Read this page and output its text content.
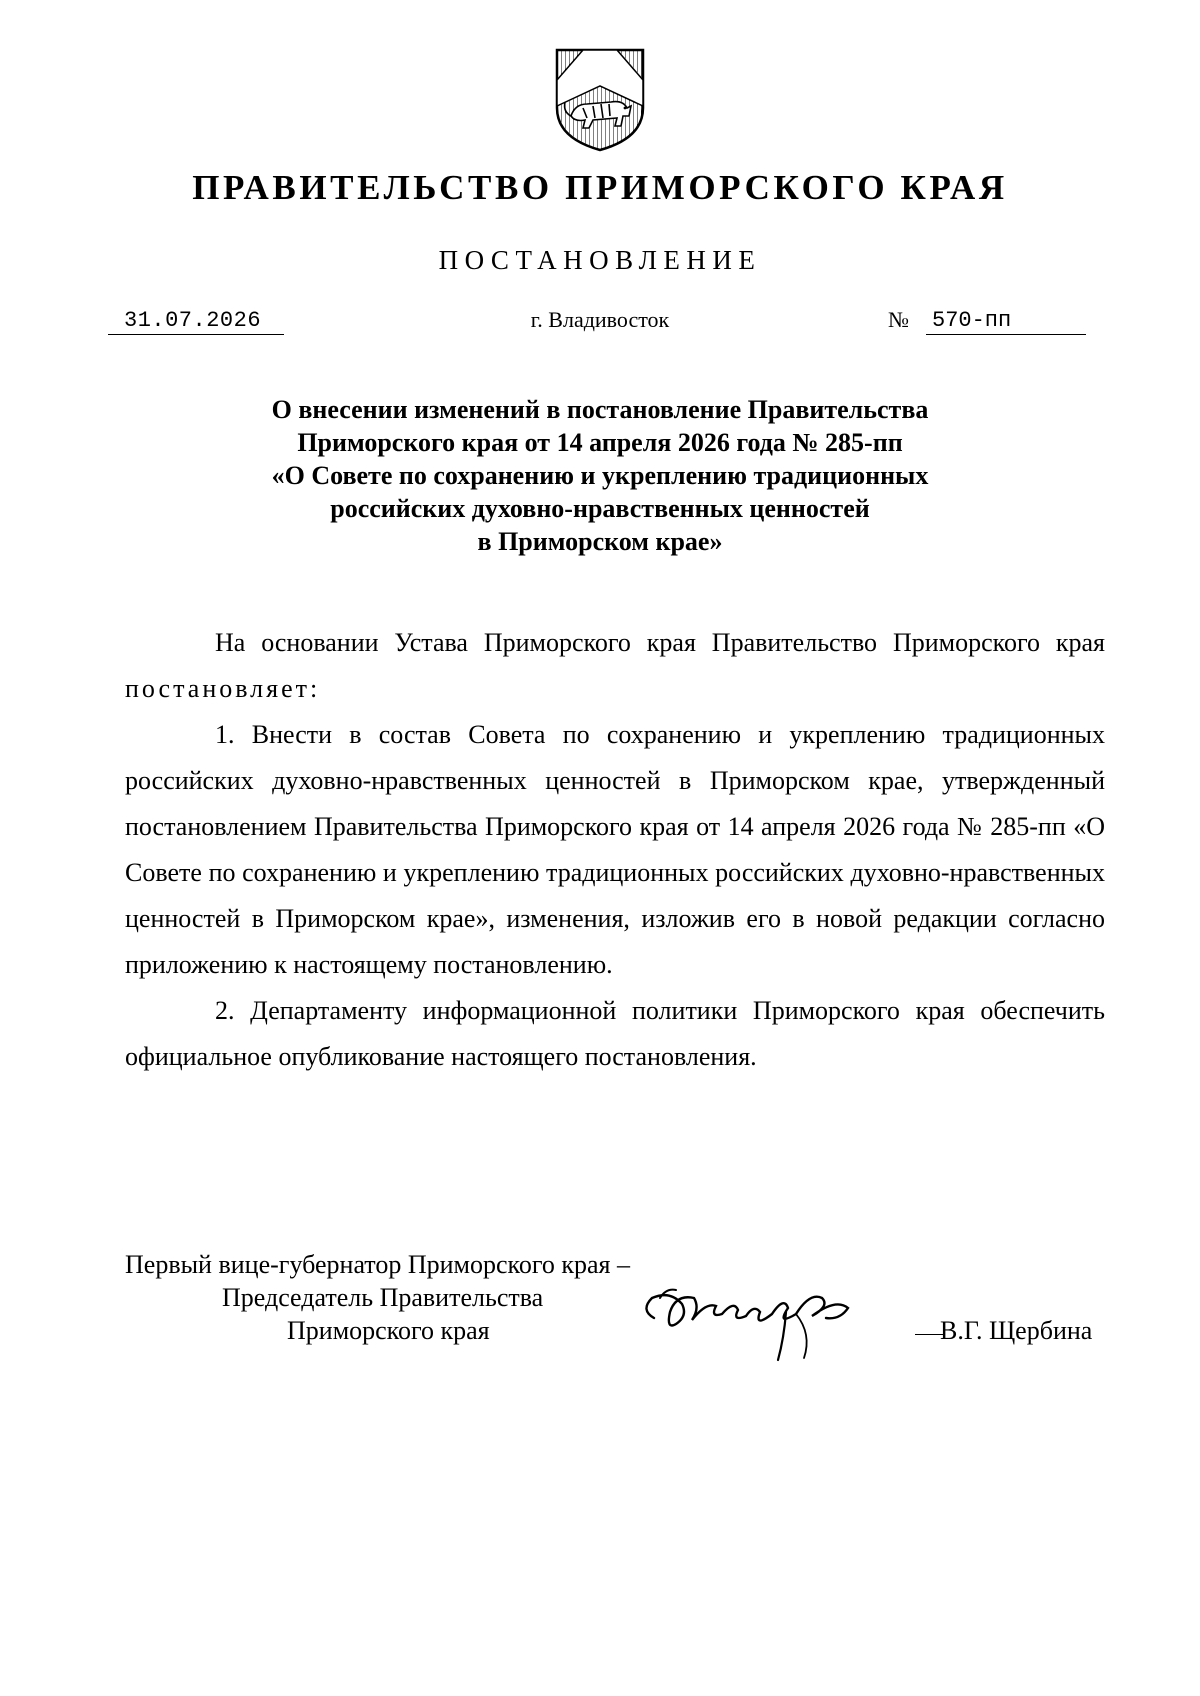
ПРАВИТЕЛЬСТВО ПРИМОРСКОГО КРАЯ
ПОСТАНОВЛЕНИЕ
31.07.2026	г. Владивосток	№ 570-пп
О внесении изменений в постановление Правительства
Приморского края от 14 апреля 2026 года № 285-пп
«О Совете по сохранению и укреплению традиционных
российских духовно-нравственных ценностей
в Приморском крае»

На основании Устава Приморского края Правительство Приморского края постановляет:

1. Внести в состав Совета по сохранению и укреплению традиционных российских духовно-нравственных ценностей в Приморском крае, утвержденный постановлением Правительства Приморского края от 14 апреля 2026 года № 285-пп «О Совете по сохранению и укреплению традиционных российских духовно-нравственных ценностей в Приморском крае», изменения, изложив его в новой редакции согласно приложению к настоящему постановлению.

2. Департаменту информационной политики Приморского края обеспечить официальное опубликование настоящего постановления.

Первый вице-губернатор Приморского края –
Председатель Правительства
Приморского края	В.Г. Щербина
